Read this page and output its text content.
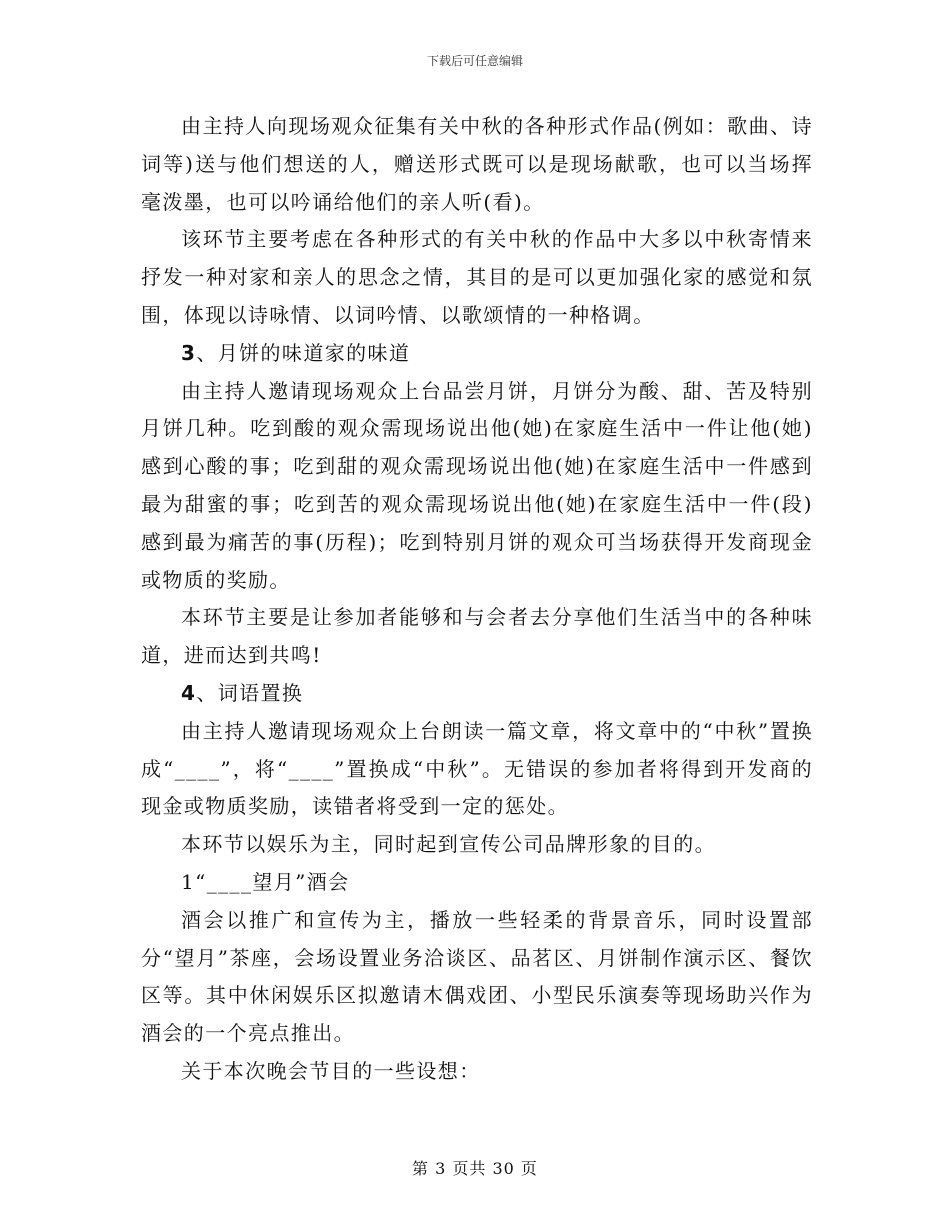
下载后可任意编辑

由主持人向现场观众征集有关中秋的各种形式作品(例如：歌曲、诗词等)送与他们想送的人，赠送形式既可以是现场献歌，也可以当场挥毫泼墨，也可以吟诵给他们的亲人听(看)。

该环节主要考虑在各种形式的有关中秋的作品中大多以中秋寄情来抒发一种对家和亲人的思念之情，其目的是可以更加强化家的感觉和氛围，体现以诗咏情、以词吟情、以歌颂情的一种格调。

3、月饼的味道家的味道

由主持人邀请现场观众上台品尝月饼，月饼分为酸、甜、苦及特别月饼几种。吃到酸的观众需现场说出他(她)在家庭生活中一件让他(她)感到心酸的事；吃到甜的观众需现场说出他(她)在家庭生活中一件感到最为甜蜜的事；吃到苦的观众需现场说出他(她)在家庭生活中一件(段)感到最为痛苦的事(历程)；吃到特别月饼的观众可当场获得开发商现金或物质的奖励。

本环节主要是让参加者能够和与会者去分享他们生活当中的各种味道，进而达到共鸣!

4、词语置换

由主持人邀请现场观众上台朗读一篇文章，将文章中的“中秋”置换成“____”，将“____”置换成“中秋”。无错误的参加者将得到开发商的现金或物质奖励，读错者将受到一定的惩处。

本环节以娱乐为主，同时起到宣传公司品牌形象的目的。

1“____望月”酒会

酒会以推广和宣传为主，播放一些轻柔的背景音乐，同时设置部分“望月”茶座，会场设置业务洽谈区、品茗区、月饼制作演示区、餐饮区等。其中休闲娱乐区拟邀请木偶戏团、小型民乐演奏等现场助兴作为酒会的一个亮点推出。

关于本次晚会节目的一些设想：

第 3 页共 30 页
